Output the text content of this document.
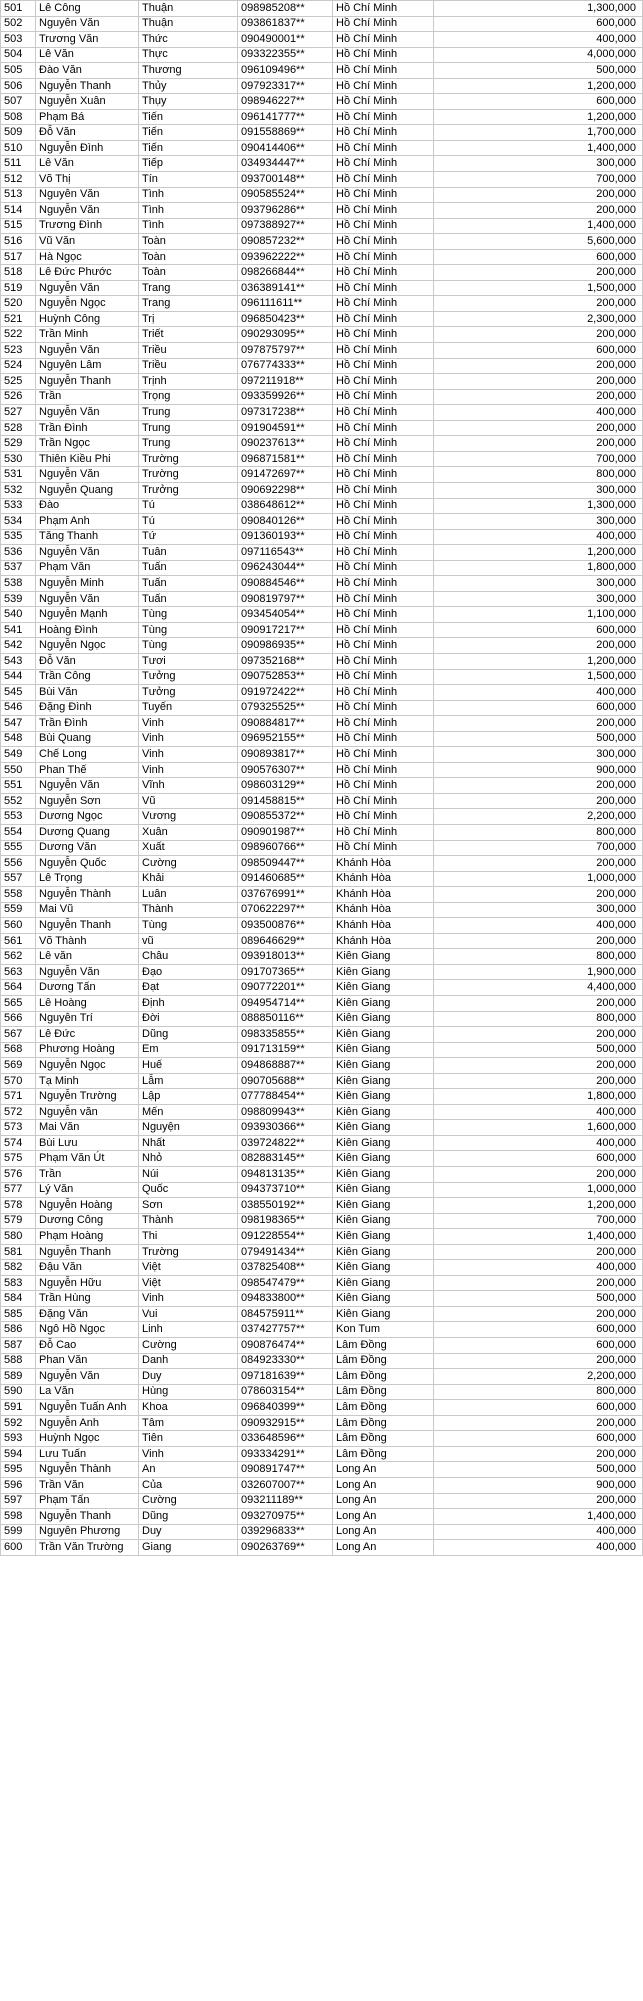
501	Lê Công	Thuận	098985208**	Hồ Chí Minh	1,300,000
502	Nguyễn Văn	Thuận	093861837**	Hồ Chí Minh	600,000
503	Trương Văn	Thức	090490001**	Hồ Chí Minh	400,000
504	Lê Văn	Thực	093322355**	Hồ Chí Minh	4,000,000
505	Đào Văn	Thương	096109496**	Hồ Chí Minh	500,000
506	Nguyễn Thanh	Thủy	097923317**	Hồ Chí Minh	1,200,000
507	Nguyễn Xuân	Thụy	098946227**	Hồ Chí Minh	600,000
508	Phạm Bá	Tiến	096141777**	Hồ Chí Minh	1,200,000
509	Đỗ Văn	Tiến	091558869**	Hồ Chí Minh	1,700,000
510	Nguyễn Đình	Tiến	090414406**	Hồ Chí Minh	1,400,000
511	Lê Văn	Tiếp	034934447**	Hồ Chí Minh	300,000
512	Võ Thị	Tín	093700148**	Hồ Chí Minh	700,000
513	Nguyễn Văn	Tình	090585524**	Hồ Chí Minh	200,000
514	Nguyễn Văn	Tình	093796286**	Hồ Chí Minh	200,000
515	Trương Đình	Tình	097388927**	Hồ Chí Minh	1,400,000
516	Vũ Văn	Toàn	090857232**	Hồ Chí Minh	5,600,000
517	Hà Ngọc	Toàn	093962222**	Hồ Chí Minh	600,000
518	Lê Đức Phước	Toàn	098266844**	Hồ Chí Minh	200,000
519	Nguyễn Văn	Trang	036389141**	Hồ Chí Minh	1,500,000
520	Nguyễn Ngọc	Trang	096111611**	Hồ Chí Minh	200,000
521	Huỳnh Công	Trị	096850423**	Hồ Chí Minh	2,300,000
522	Trần Minh	Triết	090293095**	Hồ Chí Minh	200,000
523	Nguyễn Văn	Triều	097875797**	Hồ Chí Minh	600,000
524	Nguyễn Lâm	Triều	076774333**	Hồ Chí Minh	200,000
525	Nguyễn Thanh	Trịnh	097211918**	Hồ Chí Minh	200,000
526	Trần	Trọng	093359926**	Hồ Chí Minh	200,000
527	Nguyễn Văn	Trung	097317238**	Hồ Chí Minh	400,000
528	Trần Đình	Trung	091904591**	Hồ Chí Minh	200,000
529	Trần Ngọc	Trung	090237613**	Hồ Chí Minh	200,000
530	Thiên Kiều Phi	Trường	096871581**	Hồ Chí Minh	700,000
531	Nguyễn Văn	Trường	091472697**	Hồ Chí Minh	800,000
532	Nguyễn Quang	Trưởng	090692298**	Hồ Chí Minh	300,000
533	Đào	Tú	038648612**	Hồ Chí Minh	1,300,000
534	Phạm Anh	Tú	090840126**	Hồ Chí Minh	300,000
535	Tăng Thanh	Tứ	091360193**	Hồ Chí Minh	400,000
536	Nguyễn Văn	Tuân	097116543**	Hồ Chí Minh	1,200,000
537	Phạm Văn	Tuấn	096243044**	Hồ Chí Minh	1,800,000
538	Nguyễn Minh	Tuấn	090884546**	Hồ Chí Minh	300,000
539	Nguyễn Văn	Tuấn	090819797**	Hồ Chí Minh	300,000
540	Nguyễn Mạnh	Tùng	093454054**	Hồ Chí Minh	1,100,000
541	Hoàng Đình	Tùng	090917217**	Hồ Chí Minh	600,000
542	Nguyễn Ngọc	Tùng	090986935**	Hồ Chí Minh	200,000
543	Đỗ Văn	Tươi	097352168**	Hồ Chí Minh	1,200,000
544	Trần Công	Tưởng	090752853**	Hồ Chí Minh	1,500,000
545	Bùi Văn	Tưởng	091972422**	Hồ Chí Minh	400,000
546	Đặng Đình	Tuyến	079325525**	Hồ Chí Minh	600,000
547	Trần Đình	Vinh	090884817**	Hồ Chí Minh	200,000
548	Bùi Quang	Vinh	096952155**	Hồ Chí Minh	500,000
549	Chế Long	Vinh	090893817**	Hồ Chí Minh	300,000
550	Phan Thế	Vinh	090576307**	Hồ Chí Minh	900,000
551	Nguyễn Văn	Vĩnh	098603129**	Hồ Chí Minh	200,000
552	Nguyễn Sơn	Vũ	091458815**	Hồ Chí Minh	200,000
553	Dương Ngọc	Vương	090855372**	Hồ Chí Minh	2,200,000
554	Dương Quang	Xuân	090901987**	Hồ Chí Minh	800,000
555	Dương Văn	Xuất	098960766**	Hồ Chí Minh	700,000
556	Nguyễn Quốc	Cường	098509447**	Khánh Hòa	200,000
557	Lê Trọng	Khải	091460685**	Khánh Hòa	1,000,000
558	Nguyễn Thành	Luân	037676991**	Khánh Hòa	200,000
559	Mai Vũ	Thành	070622297**	Khánh Hòa	300,000
560	Nguyễn Thanh	Tùng	093500876**	Khánh Hòa	400,000
561	Võ Thành	vũ	089646629**	Khánh Hòa	200,000
562	Lê văn	Châu	093918013**	Kiên Giang	800,000
563	Nguyễn Văn	Đạo	091707365**	Kiên Giang	1,900,000
564	Dương Tấn	Đạt	090772201**	Kiên Giang	4,400,000
565	Lê Hoàng	Định	094954714**	Kiên Giang	200,000
566	Nguyễn Trí	Đời	088850116**	Kiên Giang	800,000
567	Lê Đức	Dũng	098335855**	Kiên Giang	200,000
568	Phương Hoàng	Em	091713159**	Kiên Giang	500,000
569	Nguyễn Ngọc	Huế	094868887**	Kiên Giang	200,000
570	Tạ Minh	Lẫm	090705688**	Kiên Giang	200,000
571	Nguyễn Trường	Lập	077788454**	Kiên Giang	1,800,000
572	Nguyễn văn	Mến	098809943**	Kiên Giang	400,000
573	Mai Văn	Nguyện	093930366**	Kiên Giang	1,600,000
574	Bùi Lưu	Nhất	039724822**	Kiên Giang	400,000
575	Phạm Văn Út	Nhỏ	082883145**	Kiên Giang	600,000
576	Trần	Núi	094813135**	Kiên Giang	200,000
577	Lý Văn	Quốc	094373710**	Kiên Giang	1,000,000
578	Nguyễn Hoàng	Sơn	038550192**	Kiên Giang	1,200,000
579	Dương Công	Thành	098198365**	Kiên Giang	700,000
580	Phạm Hoàng	Thi	091228554**	Kiên Giang	1,400,000
581	Nguyễn Thanh	Trường	079491434**	Kiên Giang	200,000
582	Đậu Văn	Việt	037825408**	Kiên Giang	400,000
583	Nguyễn Hữu	Việt	098547479**	Kiên Giang	200,000
584	Trần Hùng	Vinh	094833800**	Kiên Giang	500,000
585	Đặng Văn	Vui	084575911**	Kiên Giang	200,000
586	Ngô Hồ Ngọc	Linh	037427757**	Kon Tum	600,000
587	Đỗ Cao	Cường	090876474**	Lâm Đồng	600,000
588	Phan Văn	Danh	084923330**	Lâm Đồng	200,000
589	Nguyễn Văn	Duy	097181639**	Lâm Đồng	2,200,000
590	La Văn	Hùng	078603154**	Lâm Đồng	800,000
591	Nguyễn Tuấn Anh	Khoa	096840399**	Lâm Đồng	600,000
592	Nguyễn Anh	Tâm	090932915**	Lâm Đồng	200,000
593	Huỳnh Ngọc	Tiên	033648596**	Lâm Đồng	600,000
594	Lưu Tuấn	Vinh	093334291**	Lâm Đồng	200,000
595	Nguyễn Thành	An	090891747**	Long An	500,000
596	Trần Văn	Của	032607007**	Long An	900,000
597	Phạm Tấn	Cường	093211189**	Long An	200,000
598	Nguyễn Thanh	Dũng	093270975**	Long An	1,400,000
599	Nguyễn Phương	Duy	039296833**	Long An	400,000
600	Trần Văn Trường	Giang	090263769**	Long An	400,000
